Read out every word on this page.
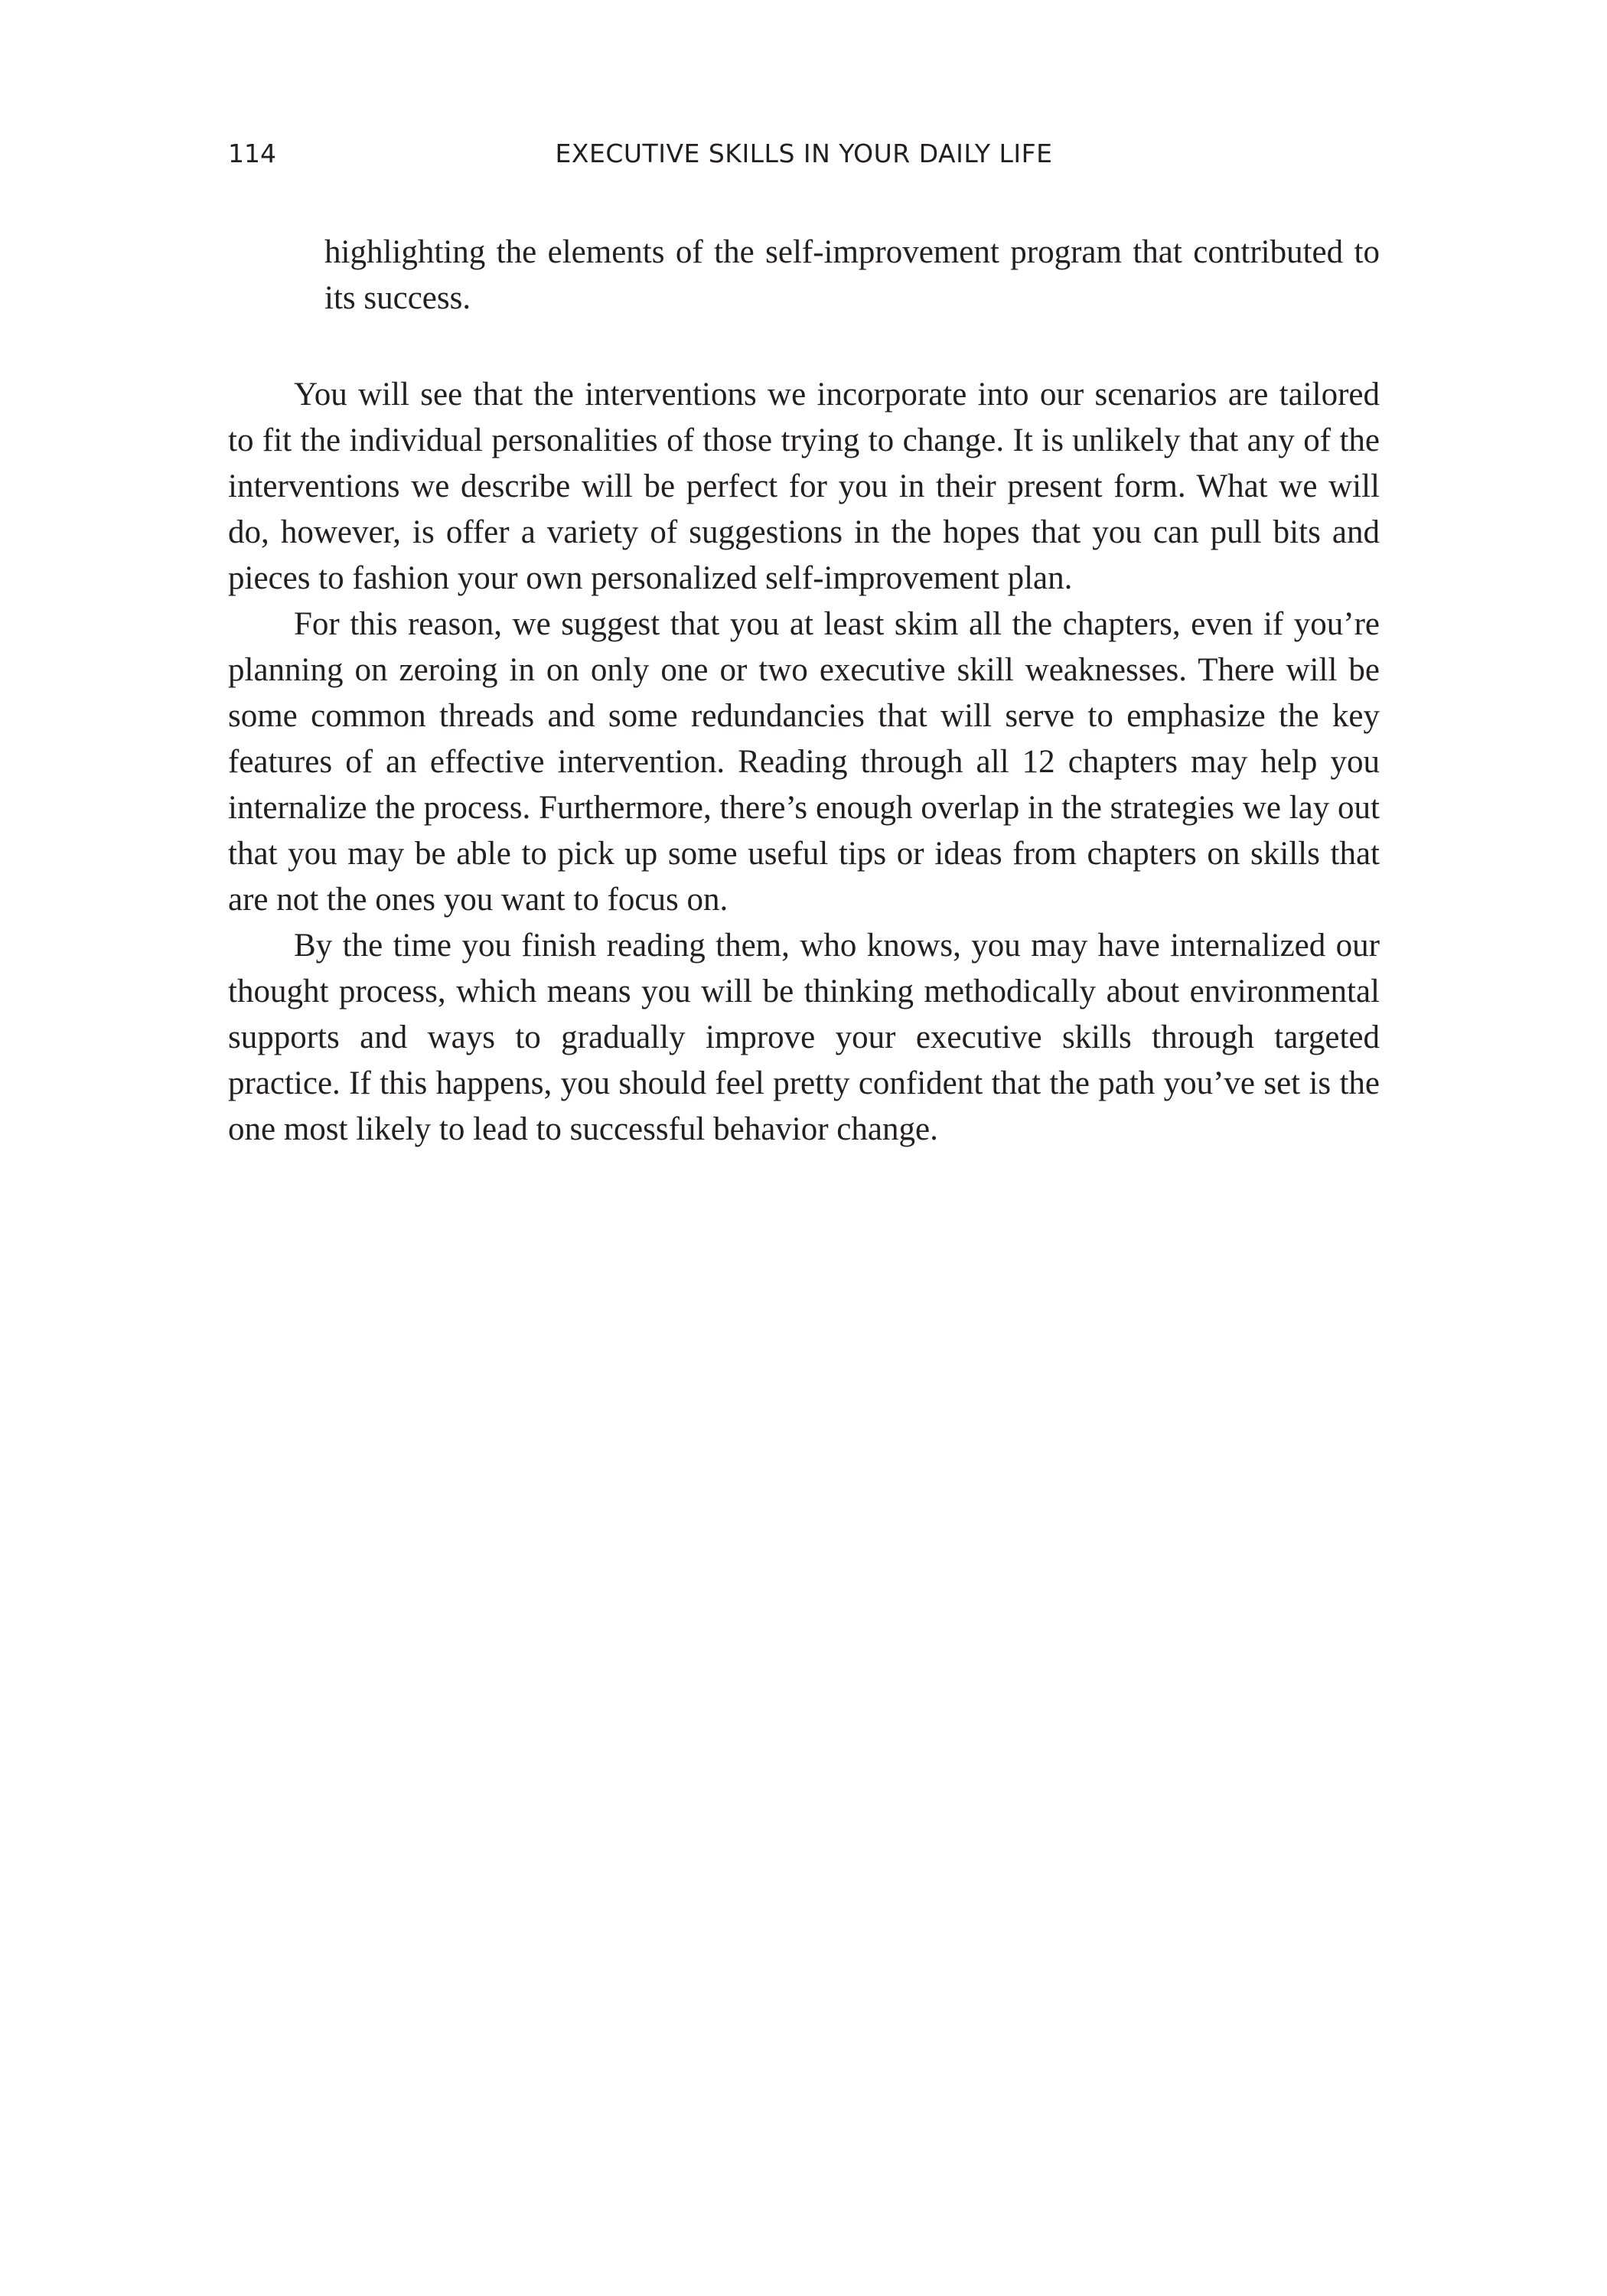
114	EXECUTIVE SKILLS IN YOUR DAILY LIFE

highlighting the elements of the self-improvement program that contributed to its success.

You will see that the interventions we incorporate into our scenarios are tailored to fit the individual personalities of those trying to change. It is unlikely that any of the interventions we describe will be perfect for you in their present form. What we will do, however, is offer a variety of suggestions in the hopes that you can pull bits and pieces to fashion your own personalized self-improvement plan.

For this reason, we suggest that you at least skim all the chapters, even if you’re planning on zeroing in on only one or two executive skill weaknesses. There will be some common threads and some redundancies that will serve to emphasize the key features of an effective intervention. Reading through all 12 chapters may help you internalize the process. Furthermore, there’s enough overlap in the strategies we lay out that you may be able to pick up some useful tips or ideas from chapters on skills that are not the ones you want to focus on.

By the time you finish reading them, who knows, you may have internalized our thought process, which means you will be thinking methodically about environmental supports and ways to gradually improve your executive skills through targeted practice. If this happens, you should feel pretty confident that the path you’ve set is the one most likely to lead to successful behavior change.
